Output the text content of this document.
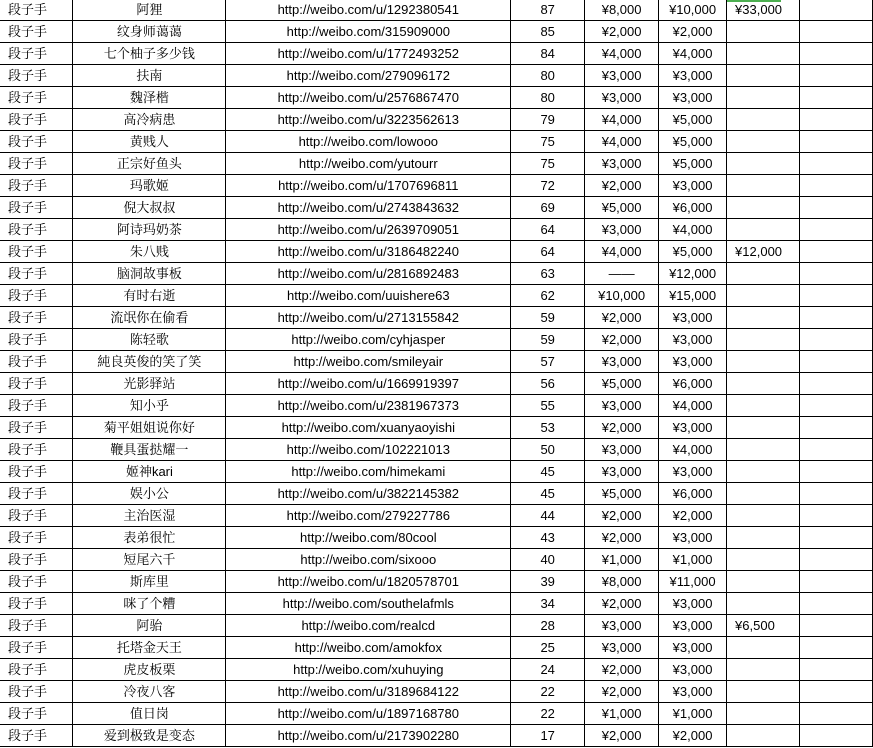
段子手	阿狸	http://weibo.com/u/1292380541	87	¥8,000	¥10,000	¥33,000	
段子手	纹身师蔼蔼	http://weibo.com/315909000	85	¥2,000	¥2,000		
段子手	七个柚子多少钱	http://weibo.com/u/1772493252	84	¥4,000	¥4,000		
段子手	扶南	http://weibo.com/279096172	80	¥3,000	¥3,000		
段子手	魏泽楷	http://weibo.com/u/2576867470	80	¥3,000	¥3,000		
段子手	高冷病患	http://weibo.com/u/3223562613	79	¥4,000	¥5,000		
段子手	黄贱人	http://weibo.com/lowooo	75	¥4,000	¥5,000		
段子手	正宗好鱼头	http://weibo.com/yutourr	75	¥3,000	¥5,000		
段子手	玛歌姬	http://weibo.com/u/1707696811	72	¥2,000	¥3,000		
段子手	倪大叔叔	http://weibo.com/u/2743843632	69	¥5,000	¥6,000		
段子手	阿诗玛奶茶	http://weibo.com/u/2639709051	64	¥3,000	¥4,000		
段子手	朱八贱	http://weibo.com/u/3186482240	64	¥4,000	¥5,000	¥12,000	
段子手	脑洞故事板	http://weibo.com/u/2816892483	63	——	¥12,000		
段子手	有时右逝	http://weibo.com/uuishere63	62	¥10,000	¥15,000		
段子手	流氓你在偷看	http://weibo.com/u/2713155842	59	¥2,000	¥3,000		
段子手	陈轻歌	http://weibo.com/cyhjasper	59	¥2,000	¥3,000		
段子手	純良英俊的笑了笑	http://weibo.com/smileyair	57	¥3,000	¥3,000		
段子手	光影驿站	http://weibo.com/u/1669919397	56	¥5,000	¥6,000		
段子手	知小乎	http://weibo.com/u/2381967373	55	¥3,000	¥4,000		
段子手	菊平姐姐说你好	http://weibo.com/xuanyaoyishi	53	¥2,000	¥3,000		
段子手	鞭具蛋挞耀一	http://weibo.com/102221013	50	¥3,000	¥4,000		
段子手	姬神kari	http://weibo.com/himekami	45	¥3,000	¥3,000		
段子手	娱小公	http://weibo.com/u/3822145382	45	¥5,000	¥6,000		
段子手	主治医湿	http://weibo.com/279227786	44	¥2,000	¥2,000		
段子手	表弟很忙	http://weibo.com/80cool	43	¥2,000	¥3,000		
段子手	短尾六千	http://weibo.com/sixooo	40	¥1,000	¥1,000		
段子手	斯库里	http://weibo.com/u/1820578701	39	¥8,000	¥11,000		
段子手	咪了个糟	http://weibo.com/southelafmls	34	¥2,000	¥3,000		
段子手	阿骀	http://weibo.com/realcd	28	¥3,000	¥3,000	¥6,500	
段子手	托塔金天王	http://weibo.com/amokfox	25	¥3,000	¥3,000		
段子手	虎皮板栗	http://weibo.com/xuhuying	24	¥2,000	¥3,000		
段子手	冷夜八客	http://weibo.com/u/3189684122	22	¥2,000	¥3,000		
段子手	值日岗	http://weibo.com/u/1897168780	22	¥1,000	¥1,000		
段子手	爱到极致是变态	http://weibo.com/u/2173902280	17	¥2,000	¥2,000		
